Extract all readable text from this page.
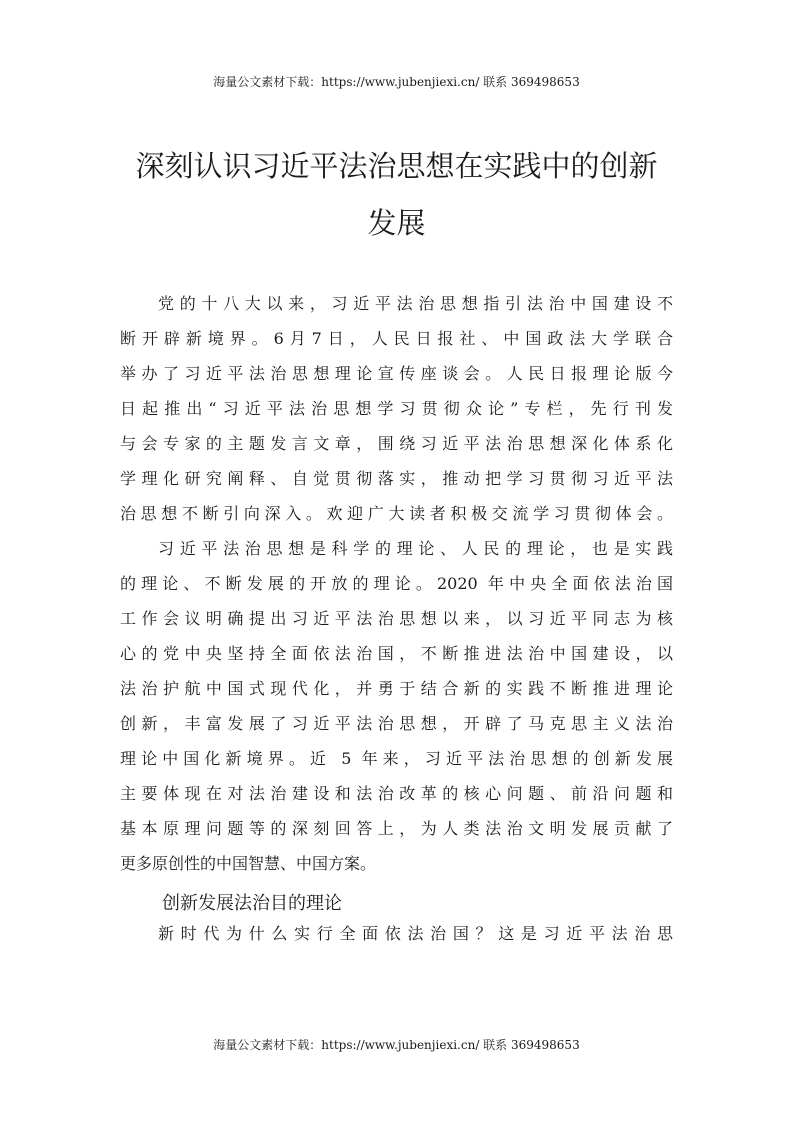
海量公文素材下载：https://www.jubenjiexi.cn/ 联系 369498653
深刻认识习近平法治思想在实践中的创新
发展
党的十八大以来，习近平法治思想指引法治中国建设不
断开辟新境界。6月7日，人民日报社、中国政法大学联合
举办了习近平法治思想理论宣传座谈会。人民日报理论版今
日起推出“习近平法治思想学习贯彻众论”专栏，先行刊发
与会专家的主题发言文章，围绕习近平法治思想深化体系化
学理化研究阐释、自觉贯彻落实，推动把学习贯彻习近平法
治思想不断引向深入。欢迎广大读者积极交流学习贯彻体会。
习近平法治思想是科学的理论、人民的理论，也是实践
的理论、不断发展的开放的理论。2020 年中央全面依法治国
工作会议明确提出习近平法治思想以来，以习近平同志为核
心的党中央坚持全面依法治国，不断推进法治中国建设，以
法治护航中国式现代化，并勇于结合新的实践不断推进理论
创新，丰富发展了习近平法治思想，开辟了马克思主义法治
理论中国化新境界。近 5 年来，习近平法治思想的创新发展
主要体现在对法治建设和法治改革的核心问题、前沿问题和
基本原理问题等的深刻回答上，为人类法治文明发展贡献了
更多原创性的中国智慧、中国方案。
创新发展法治目的理论
新时代为什么实行全面依法治国？这是习近平法治思
海量公文素材下载：https://www.jubenjiexi.cn/ 联系 369498653
